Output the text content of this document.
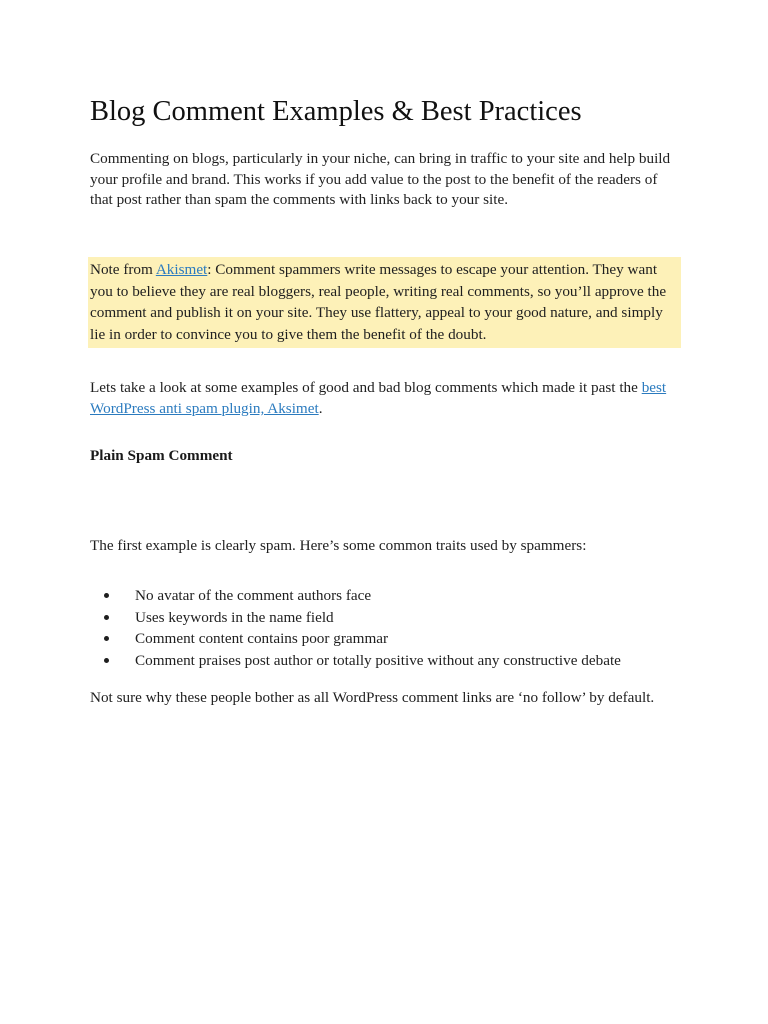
Blog Comment Examples & Best Practices

Commenting on blogs, particularly in your niche, can bring in traffic to your site and help build your profile and brand. This works if you add value to the post to the benefit of the readers of that post rather than spam the comments with links back to your site.

Note from Akismet: Comment spammers write messages to escape your attention. They want you to believe they are real bloggers, real people, writing real comments, so you’ll approve the comment and publish it on your site. They use flattery, appeal to your good nature, and simply lie in order to convince you to give them the benefit of the doubt.

Lets take a look at some examples of good and bad blog comments which made it past the best WordPress anti spam plugin, Aksimet.

Plain Spam Comment

The first example is clearly spam. Here’s some common traits used by spammers:

No avatar of the comment authors face
Uses keywords in the name field
Comment content contains poor grammar
Comment praises post author or totally positive without any constructive debate

Not sure why these people bother as all WordPress comment links are ‘no follow’ by default.
